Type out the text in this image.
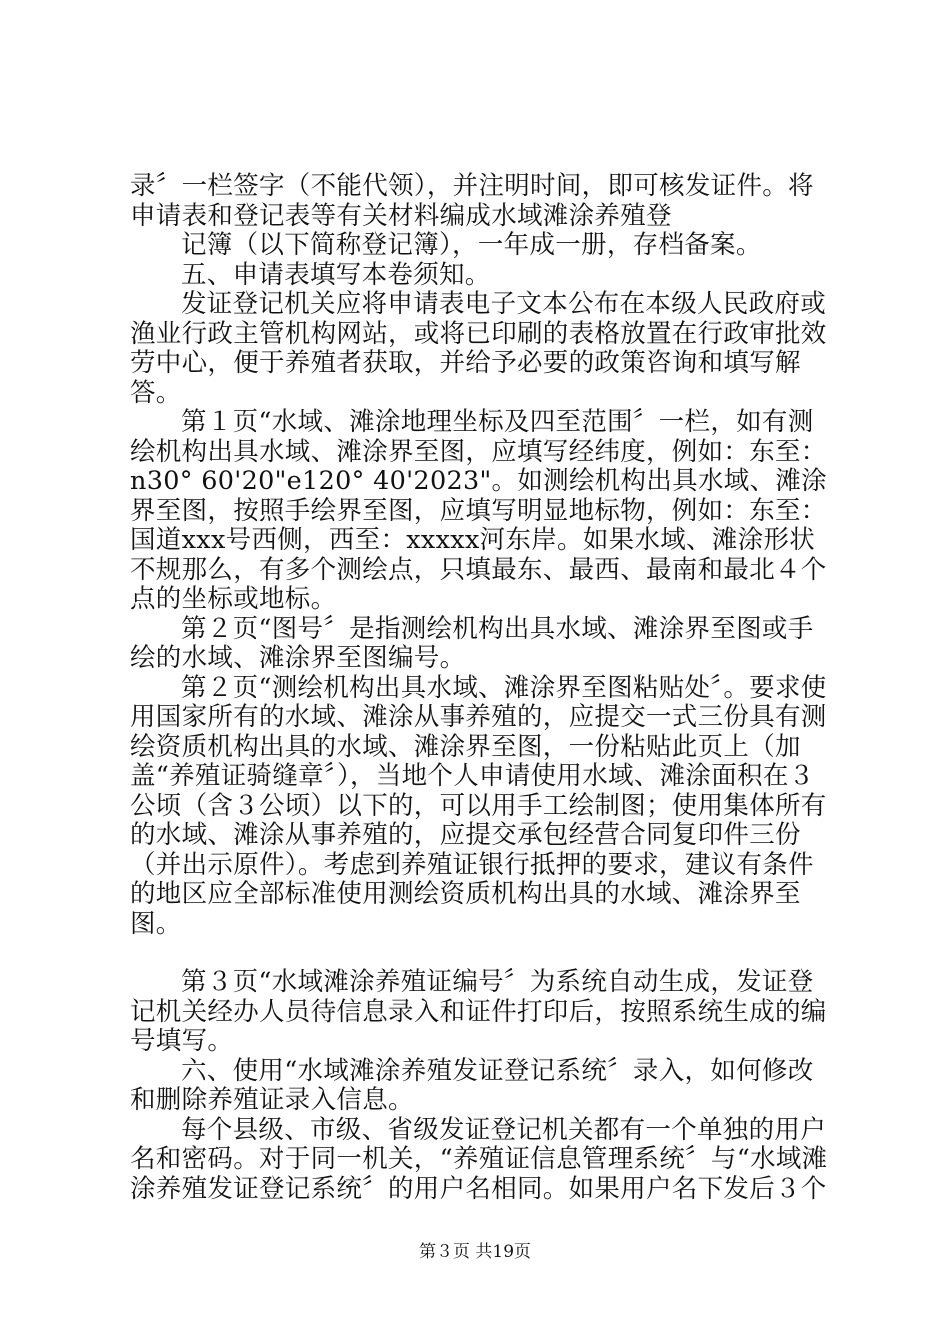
录〞一栏签字（不能代领），并注明时间，即可核发证件。将申请表和登记表等有关材料编成水域滩涂养殖登

记簿（以下简称登记簿），一年成一册，存档备案。

五、申请表填写本卷须知。

发证登记机关应将申请表电子文本公布在本级人民政府或渔业行政主管机构网站，或将已印刷的表格放置在行政审批效劳中心，便于养殖者获取，并给予必要的政策咨询和填写解答。

第１页“水域、滩涂地理坐标及四至范围〞一栏，如有测绘机构出具水域、滩涂界至图，应填写经纬度，例如：东至：n30° 60'20"e120° 40'2023"。如测绘机构出具水域、滩涂界至图，按照手绘界至图，应填写明显地标物，例如：东至：国道xxx号西侧，西至：xxxxx河东岸。如果水域、滩涂形状不规那么，有多个测绘点，只填最东、最西、最南和最北４个点的坐标或地标。

第２页“图号〞是指测绘机构出具水域、滩涂界至图或手绘的水域、滩涂界至图编号。

第２页“测绘机构出具水域、滩涂界至图粘贴处〞。要求使用国家所有的水域、滩涂从事养殖的，应提交一式三份具有测绘资质机构出具的水域、滩涂界至图，一份粘贴此页上（加盖“养殖证骑缝章〞），当地个人申请使用水域、滩涂面积在３公顷（含３公顷）以下的，可以用手工绘制图；使用集体所有的水域、滩涂从事养殖的，应提交承包经营合同复印件三份（并出示原件）。考虑到养殖证银行抵押的要求，建议有条件的地区应全部标准使用测绘资质机构出具的水域、滩涂界至图。

第３页“水域滩涂养殖证编号〞为系统自动生成，发证登记机关经办人员待信息录入和证件打印后，按照系统生成的编号填写。

六、使用“水域滩涂养殖发证登记系统〞录入，如何修改和删除养殖证录入信息。

每个县级、市级、省级发证登记机关都有一个单独的用户名和密码。对于同一机关，“养殖证信息管理系统〞与“水域滩涂养殖发证登记系统〞的用户名相同。如果用户名下发后３个

第３页 共19页
